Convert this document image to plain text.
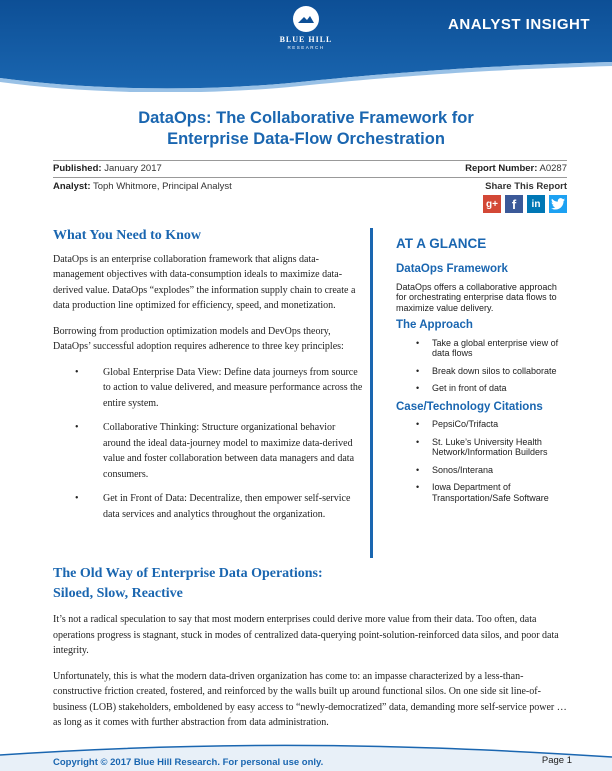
BLUE HILL
RESEARCH
ANALYST INSIGHT
DataOps: The Collaborative Framework for
Enterprise Data-Flow Orchestration
Published: January 2017	Report Number: A0287
Analyst: Toph Whitmore, Principal Analyst	Share This Report
g+	f	in
What You Need to Know

DataOps is an enterprise collaboration framework that aligns data-management objectives with data-consumption ideals to maximize data-derived value. DataOps “explodes” the information supply chain to create a data production line optimized for efficiency, speed, and monetization.

Borrowing from production optimization models and DevOps theory, DataOps’ successful adoption requires adherence to three key principles:

• Global Enterprise Data View: Define data journeys from source to action to value delivered, and measure performance across the entire system.
• Collaborative Thinking: Structure organizational behavior around the ideal data-journey model to maximize data-derived value and foster collaboration between data managers and data consumers.
• Get in Front of Data: Decentralize, then empower self-service data services and analytics throughout the organization.
AT A GLANCE
DataOps Framework
DataOps offers a collaborative approach for orchestrating enterprise data flows to maximize value delivery.
The Approach
• Take a global enterprise view of data flows
• Break down silos to collaborate
• Get in front of data
Case/Technology Citations
• PepsiCo/Trifacta
• St. Luke’s University Health Network/Information Builders
• Sonos/Interana
• Iowa Department of Transportation/Safe Software
The Old Way of Enterprise Data Operations:
Siloed, Slow, Reactive

It’s not a radical speculation to say that most modern enterprises could derive more value from their data. Too often, data operations progress is stagnant, stuck in modes of centralized data-querying point-solution-reinforced data silos, and poor data integrity.

Unfortunately, this is what the modern data-driven organization has come to: an impasse characterized by a less-than-constructive friction created, fostered, and reinforced by the walls built up around functional silos. On one side sit line-of-business (LOB) stakeholders, emboldened by easy access to “newly-democratized” data, demanding more self-service power … as long as it comes with further abstraction from data administration.

Copyright © 2017 Blue Hill Research. For personal use only.	Page 1
